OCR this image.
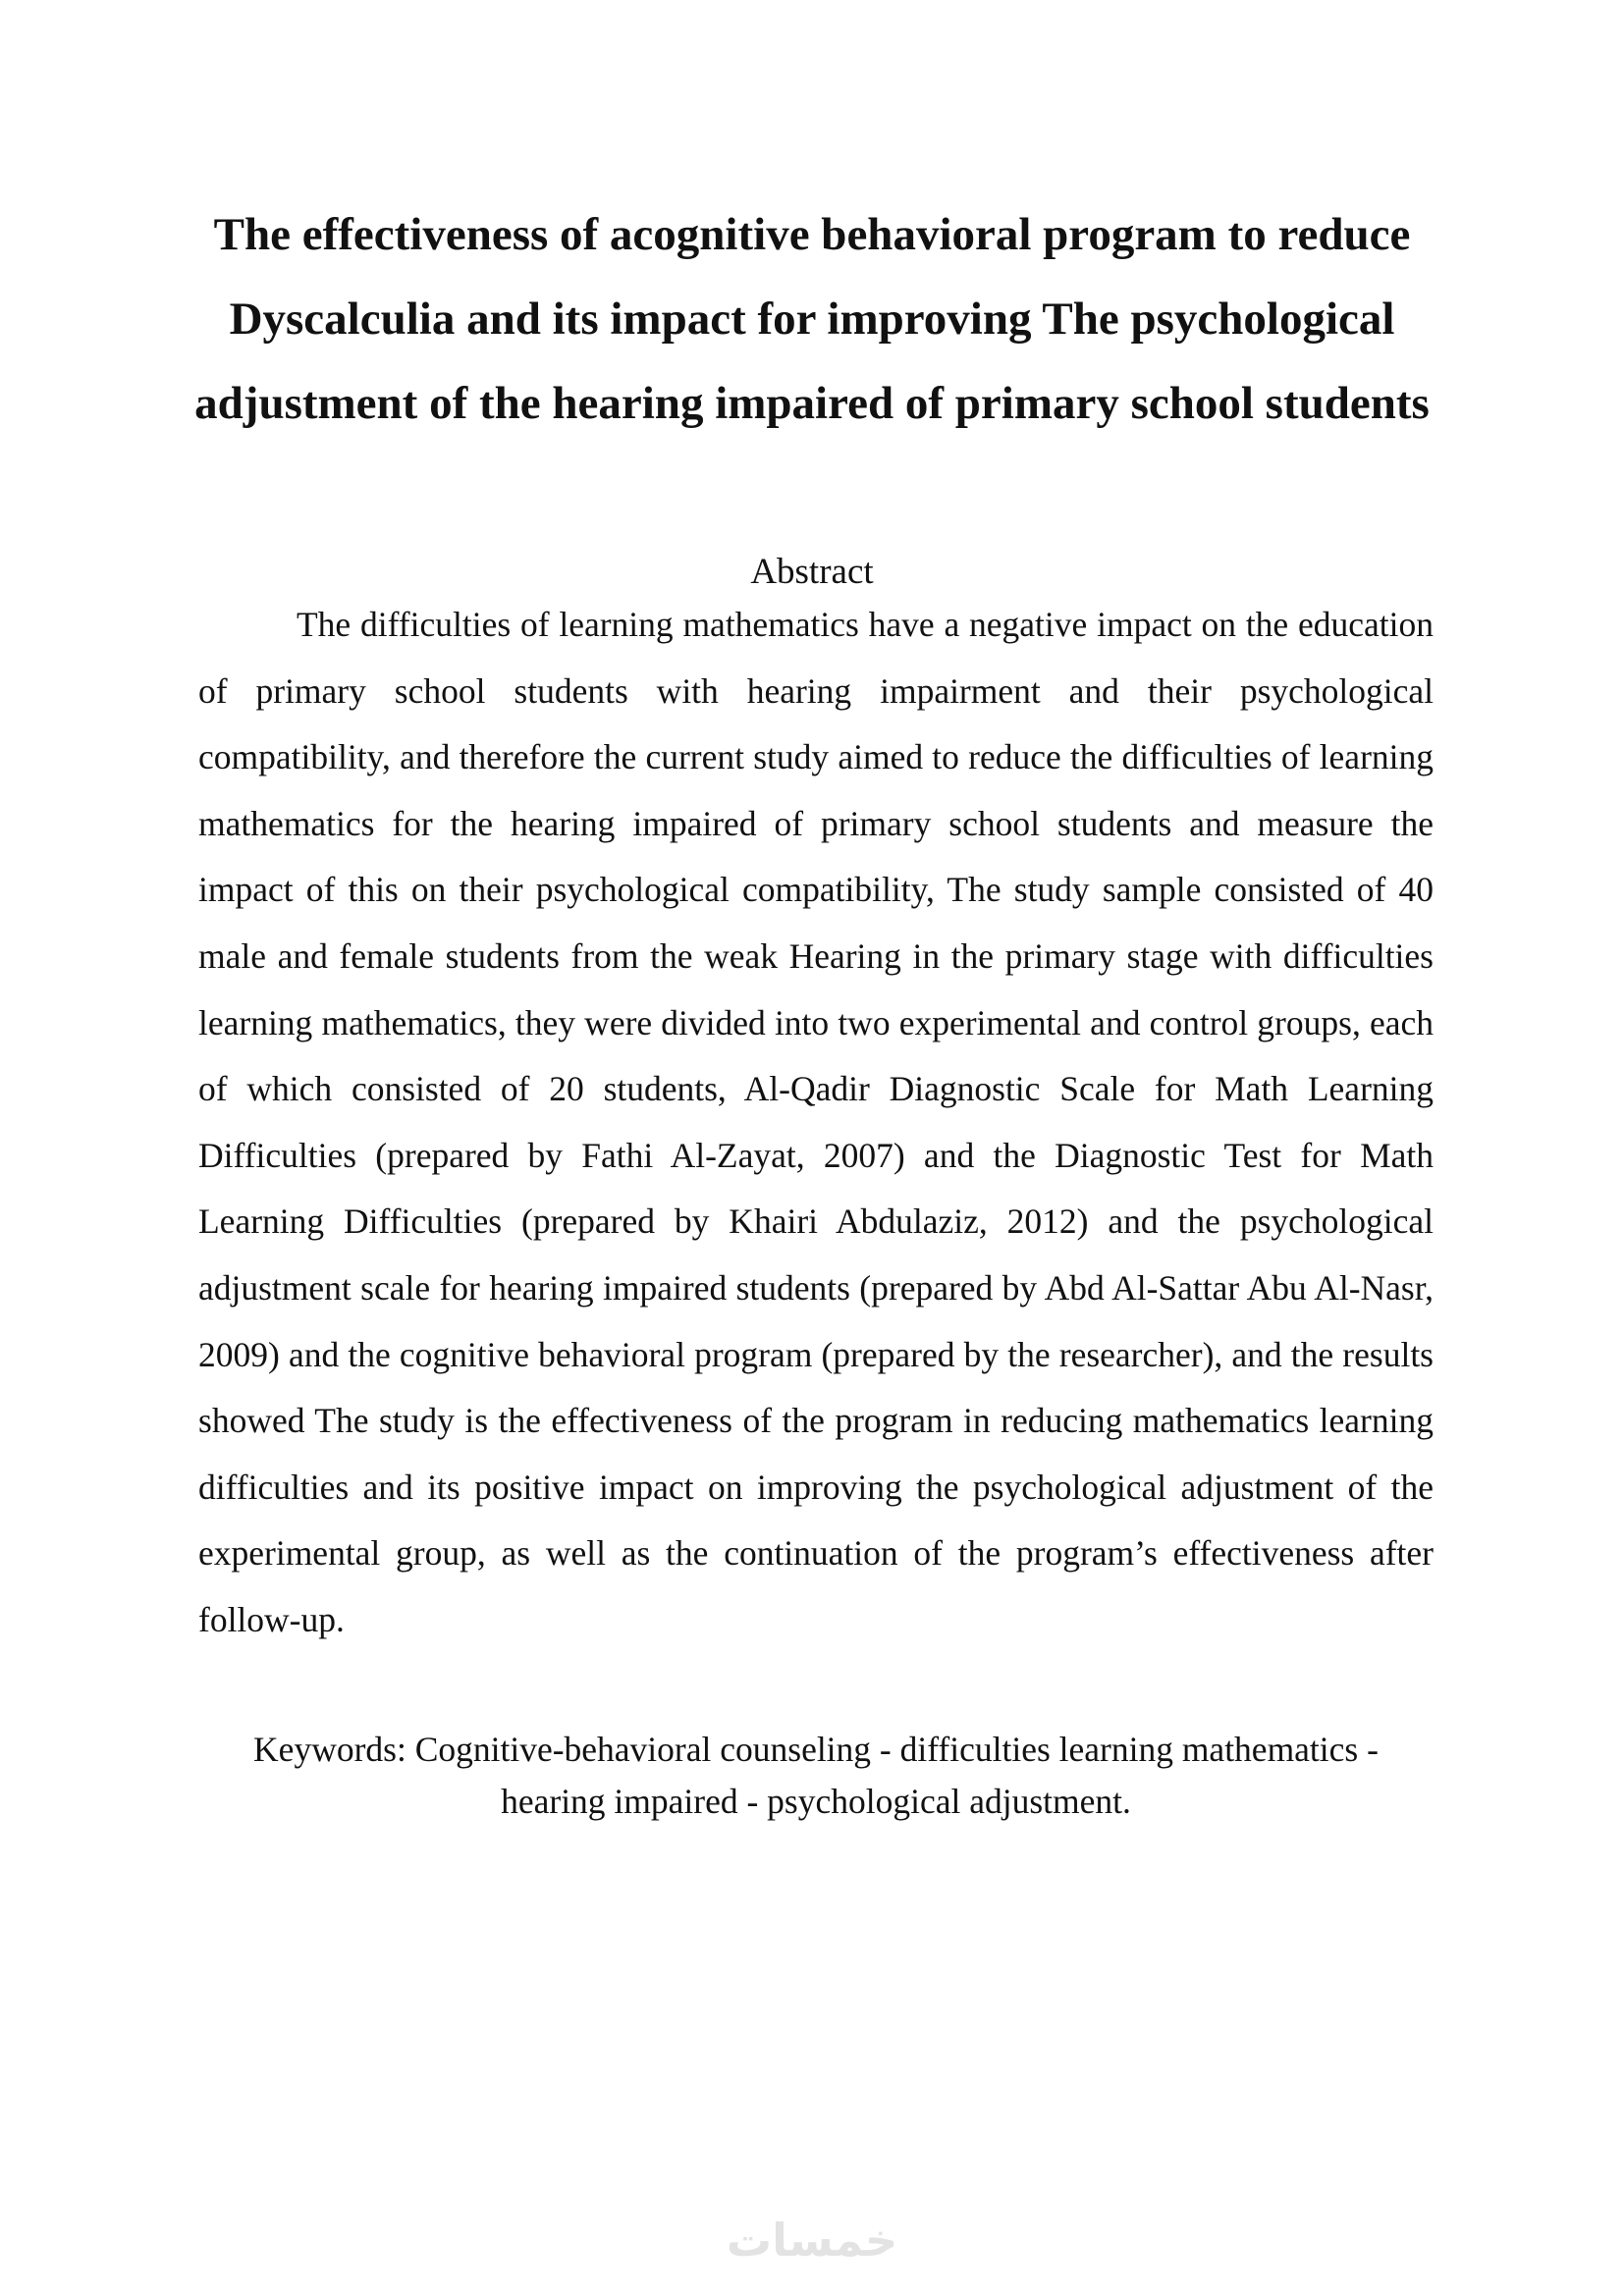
The effectiveness of acognitive behavioral program to reduce Dyscalculia and its impact for improving The psychological adjustment of the hearing impaired of primary school students
Abstract

The difficulties of learning mathematics have a negative impact on the education of primary school students with hearing impairment and their psychological compatibility, and therefore the current study aimed to reduce the difficulties of learning mathematics for the hearing impaired of primary school students and measure the impact of this on their psychological compatibility, The study sample consisted of 40 male and female students from the weak Hearing in the primary stage with difficulties learning mathematics, they were divided into two experimental and control groups, each of which consisted of 20 students, Al-Qadir Diagnostic Scale for Math Learning Difficulties (prepared by Fathi Al-Zayat, 2007) and the Diagnostic Test for Math Learning Difficulties (prepared by Khairi Abdulaziz, 2012) and the psychological adjustment scale for hearing impaired students (prepared by Abd Al-Sattar Abu Al-Nasr, 2009) and the cognitive behavioral program (prepared by the researcher), and the results showed The study is the effectiveness of the program in reducing mathematics learning difficulties and its positive impact on improving the psychological adjustment of the experimental group, as well as the continuation of the program’s effectiveness after follow-up.

Keywords: Cognitive-behavioral counseling - difficulties learning mathematics - hearing impaired - psychological adjustment.

خمسات
